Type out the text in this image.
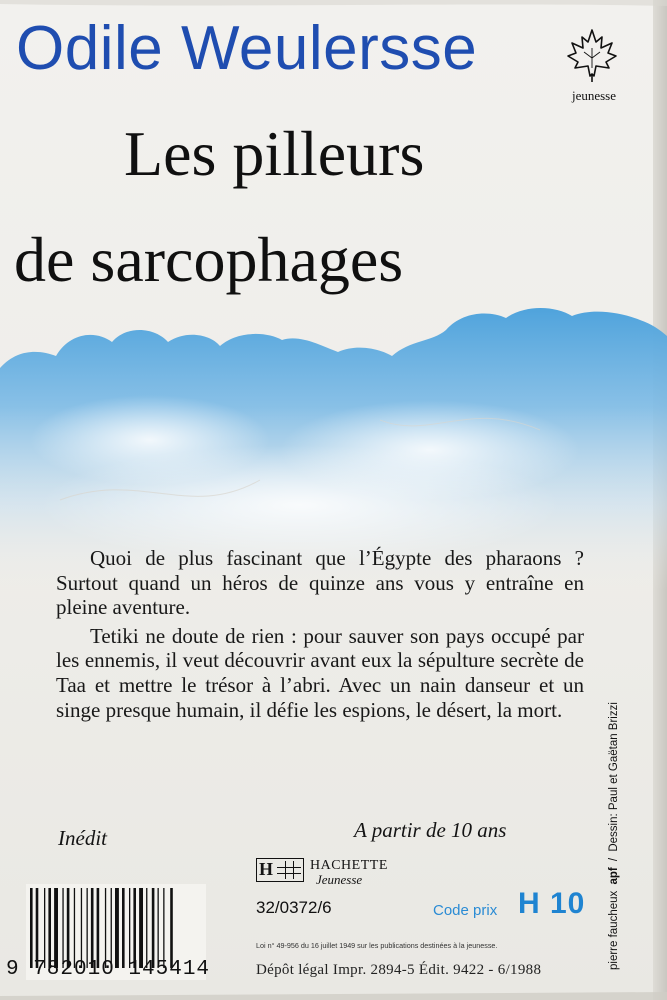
Odile Weulersse
jeunesse
Les pilleurs
de sarcophages

Quoi de plus fascinant que l’Égypte des pharaons ? Surtout quand un héros de quinze ans vous y entraîne en pleine aventure.

Tetiki ne doute de rien : pour sauver son pays occupé par les ennemis, il veut découvrir avant eux la sépulture secrète de Taa et mettre le trésor à l’abri. Avec un nain danseur et un singe presque humain, il défie les espions, le désert, la mort.

Inédit	A partir de 10 ans
9 782010 145414
H	HACHETTE
Jeunesse
32/0372/6	Code prix H 10
Loi n° 49-956 du 16 juillet 1949 sur les publications destinées à la jeunesse.
Dépôt légal Impr. 2894-5 Édit. 9422 - 6/1988	pierre faucheux apf / Dessin: Paul et Gaëtan Brizzi
